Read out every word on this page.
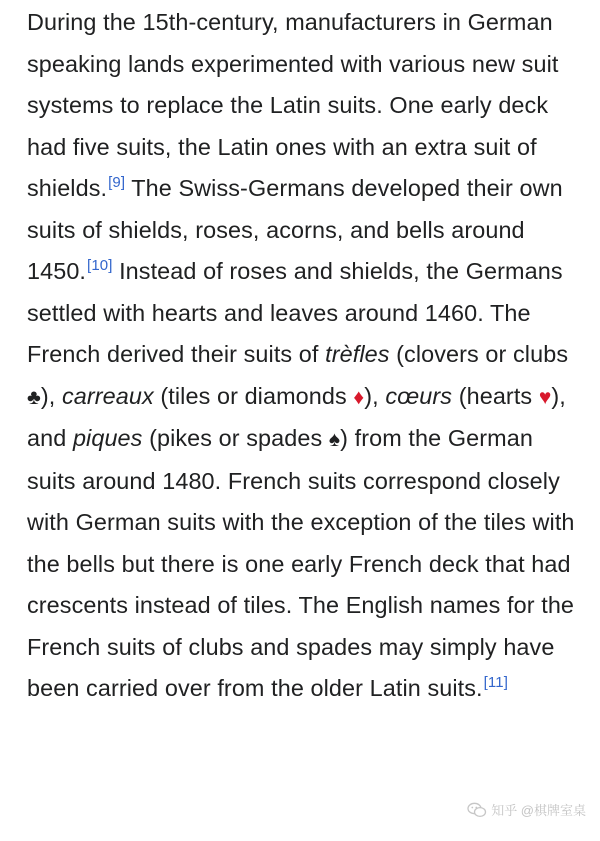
During the 15th-century, manufacturers in German speaking lands experimented with various new suit systems to replace the Latin suits. One early deck had five suits, the Latin ones with an extra suit of shields.[9] The Swiss-Germans developed their own suits of shields, roses, acorns, and bells around 1450.[10] Instead of roses and shields, the Germans settled with hearts and leaves around 1460. The French derived their suits of trèfles (clovers or clubs ♣), carreaux (tiles or diamonds ♦), cœurs (hearts ♥), and piques (pikes or spades ♠) from the German suits around 1480. French suits correspond closely with German suits with the exception of the tiles with the bells but there is one early French deck that had crescents instead of tiles. The English names for the French suits of clubs and spades may simply have been carried over from the older Latin suits.[11]

知乎 @棋牌室桌
